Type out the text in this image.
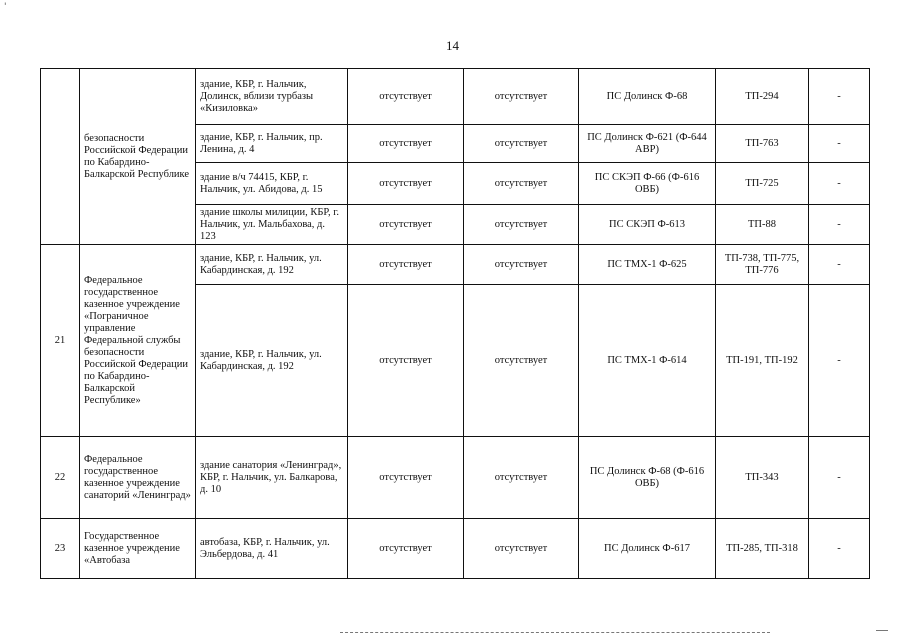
'
14
	безопасности Российской Федерации по Кабардино-Балкарской Республике	здание, КБР, г. Нальчик, Долинск, вблизи турбазы «Кизиловка»	отсутствует	отсутствует	ПС Долинск Ф-68	ТП-294	-
		здание, КБР, г. Нальчик, пр. Ленина, д. 4	отсутствует	отсутствует	ПС Долинск Ф-621 (Ф-644 АВР)	ТП-763	-
		здание в/ч 74415, КБР, г. Нальчик, ул. Абидова, д. 15	отсутствует	отсутствует	ПС СКЭП Ф-66 (Ф-616 ОВБ)	ТП-725	-
		здание школы милиции, КБР, г. Нальчик, ул. Мальбахова, д. 123	отсутствует	отсутствует	ПС СКЭП Ф-613	ТП-88	-
21	Федеральное государственное казенное учреждение «Пограничное управление Федеральной службы безопасности Российской Федерации по Кабардино-Балкарской Республике»	здание, КБР, г. Нальчик, ул. Кабардинская, д. 192	отсутствует	отсутствует	ПС ТМХ-1 Ф-625	ТП-738, ТП-775, ТП-776	-
		здание, КБР, г. Нальчик, ул. Кабардинская, д. 192	отсутствует	отсутствует	ПС ТМХ-1 Ф-614	ТП-191, ТП-192	-
22	Федеральное государственное казенное учреждение санаторий «Ленинград»	здание санатория «Ленинград», КБР, г. Нальчик, ул. Балкарова, д. 10	отсутствует	отсутствует	ПС Долинск Ф-68 (Ф-616 ОВБ)	ТП-343	-
23	Государственное казенное учреждение «Автобаза	автобаза, КБР, г. Нальчик, ул. Эльбердова, д. 41	отсутствует	отсутствует	ПС Долинск Ф-617	ТП-285, ТП-318	-
